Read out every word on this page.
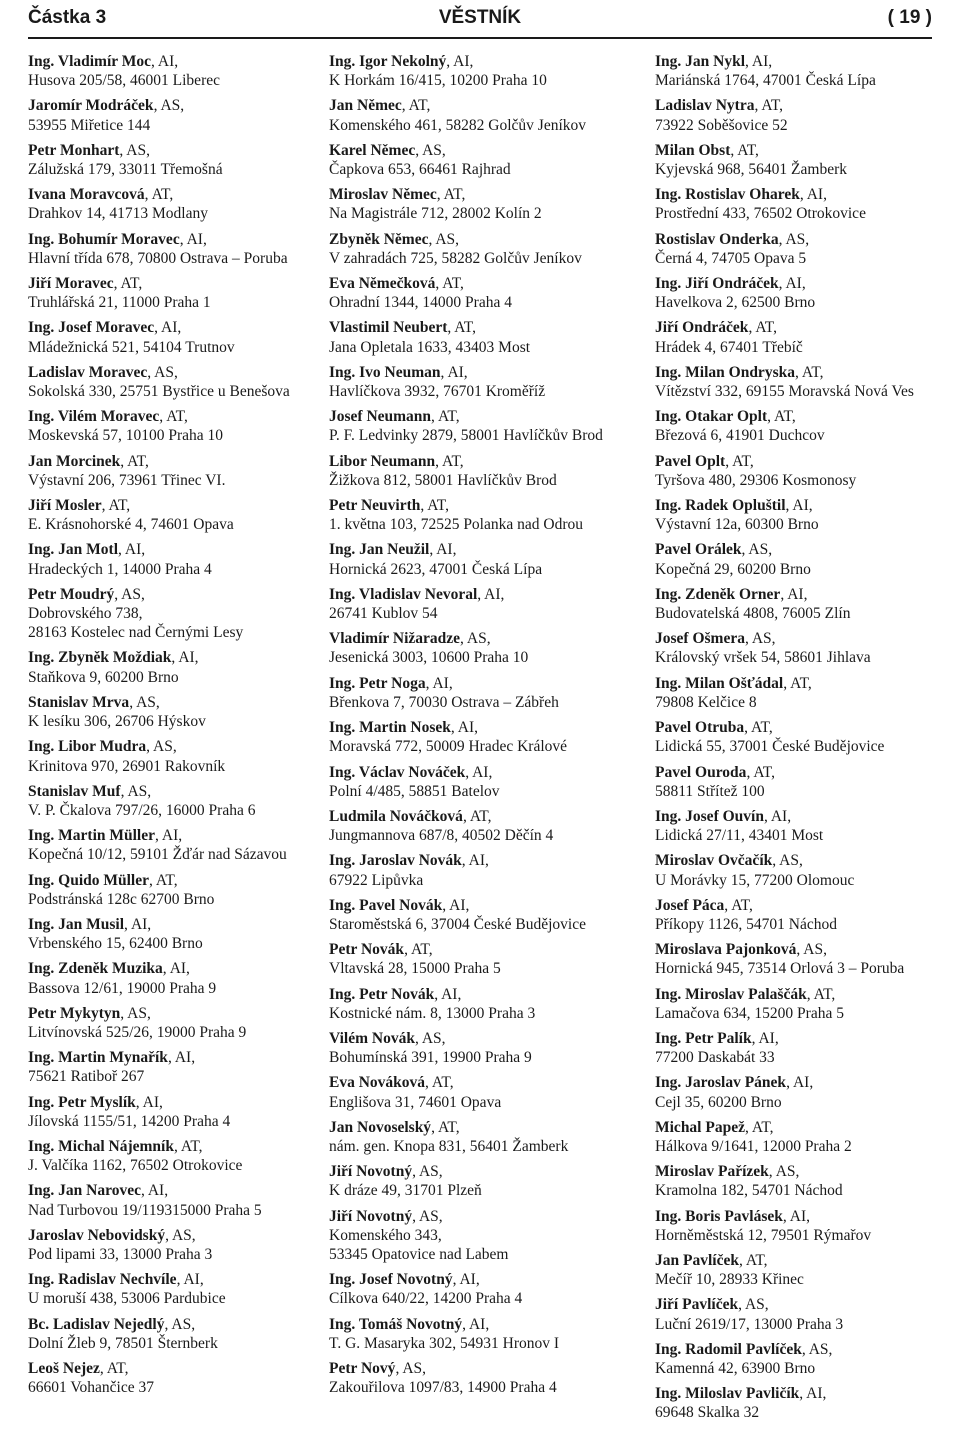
Částka 3	VĚSTNÍK	( 19 )
Ing. Vladimír Moc, AI,
Husova 205/58, 46001 Liberec
Jaromír Modráček, AS,
53955 Miřetice 144
Petr Monhart, AS,
Zálužská 179, 33011 Třemošná
Ivana Moravcová, AT,
Drahkov 14, 41713 Modlany
Ing. Bohumír Moravec, AI,
Hlavní třída 678, 70800 Ostrava – Poruba
Jiří Moravec, AT,
Truhlářská 21, 11000 Praha 1
Ing. Josef Moravec, AI,
Mládežnická 521, 54104 Trutnov
Ladislav Moravec, AS,
Sokolská 330, 25751 Bystřice u Benešova
Ing. Vilém Moravec, AT,
Moskevská 57, 10100 Praha 10
Jan Morcinek, AT,
Výstavní 206, 73961 Třinec VI.
Jiří Mosler, AT,
E. Krásnohorské 4, 74601 Opava
Ing. Jan Motl, AI,
Hradeckých 1, 14000 Praha 4
Petr Moudrý, AS,
Dobrovského 738,
28163 Kostelec nad Černými Lesy
Ing. Zbyněk Moždiak, AI,
Staňkova 9, 60200 Brno
Stanislav Mrva, AS,
K lesíku 306, 26706 Hýskov
Ing. Libor Mudra, AS,
Krinitova 970, 26901 Rakovník
Stanislav Muf, AS,
V. P. Čkalova 797/26, 16000 Praha 6
Ing. Martin Müller, AI,
Kopečná 10/12, 59101 Žďár nad Sázavou
Ing. Quido Müller, AT,
Podstránská 128c 62700 Brno
Ing. Jan Musil, AI,
Vrbenského 15, 62400 Brno
Ing. Zdeněk Muzika, AI,
Bassova 12/61, 19000 Praha 9
Petr Mykytyn, AS,
Litvínovská 525/26, 19000 Praha 9
Ing. Martin Mynařík, AI,
75621 Ratiboř 267
Ing. Petr Myslík, AI,
Jílovská 1155/51, 14200 Praha 4
Ing. Michal Nájemník, AT,
J. Valčíka 1162, 76502 Otrokovice
Ing. Jan Narovec, AI,
Nad Turbovou 19/119315000 Praha 5
Jaroslav Nebovidský, AS,
Pod lipami 33, 13000 Praha 3
Ing. Radislav Nechvíle, AI,
U moruší 438, 53006 Pardubice
Bc. Ladislav Nejedlý, AS,
Dolní Žleb 9, 78501 Šternberk
Leoš Nejez, AT,
66601 Vohančice 37
Ing. Igor Nekolný, AI,
K Horkám 16/415, 10200 Praha 10
Jan Němec, AT,
Komenského 461, 58282 Golčův Jeníkov
Karel Němec, AS,
Čapkova 653, 66461 Rajhrad
Miroslav Němec, AT,
Na Magistrále 712, 28002 Kolín 2
Zbyněk Němec, AS,
V zahradách 725, 58282 Golčův Jeníkov
Eva Němečková, AT,
Ohradní 1344, 14000 Praha 4
Vlastimil Neubert, AT,
Jana Opletala 1633, 43403 Most
Ing. Ivo Neuman, AI,
Havlíčkova 3932, 76701 Kroměříž
Josef Neumann, AT,
P. F. Ledvinky 2879, 58001 Havlíčkův Brod
Libor Neumann, AT,
Žižkova 812, 58001 Havlíčkův Brod
Petr Neuvirth, AT,
1. května 103, 72525 Polanka nad Odrou
Ing. Jan Neužil, AI,
Hornická 2623, 47001 Česká Lípa
Ing. Vladislav Nevoral, AI,
26741 Kublov 54
Vladimír Nižaradze, AS,
Jesenická 3003, 10600 Praha 10
Ing. Petr Noga, AI,
Břenkova 7, 70030 Ostrava – Zábřeh
Ing. Martin Nosek, AI,
Moravská 772, 50009 Hradec Králové
Ing. Václav Nováček, AI,
Polní 4/485, 58851 Batelov
Ludmila Nováčková, AT,
Jungmannova 687/8, 40502 Děčín 4
Ing. Jaroslav Novák, AI,
67922 Lipůvka
Ing. Pavel Novák, AI,
Staroměstská 6, 37004 České Budějovice
Petr Novák, AT,
Vltavská 28, 15000 Praha 5
Ing. Petr Novák, AI,
Kostnické nám. 8, 13000 Praha 3
Vilém Novák, AS,
Bohumínská 391, 19900 Praha 9
Eva Nováková, AT,
Englišova 31, 74601 Opava
Jan Novoselský, AT,
nám. gen. Knopa 831, 56401 Žamberk
Jiří Novotný, AS,
K dráze 49, 31701 Plzeň
Jiří Novotný, AS,
Komenského 343,
53345 Opatovice nad Labem
Ing. Josef Novotný, AI,
Cílkova 640/22, 14200 Praha 4
Ing. Tomáš Novotný, AI,
T. G. Masaryka 302, 54931 Hronov I
Petr Nový, AS,
Zakouřilova 1097/83, 14900 Praha 4
Ing. Jan Nykl, AI,
Mariánská 1764, 47001 Česká Lípa
Ladislav Nytra, AT,
73922 Soběšovice 52
Milan Obst, AT,
Kyjevská 968, 56401 Žamberk
Ing. Rostislav Oharek, AI,
Prostřední 433, 76502 Otrokovice
Rostislav Onderka, AS,
Černá 4, 74705 Opava 5
Ing. Jiří Ondráček, AI,
Havelkova 2, 62500 Brno
Jiří Ondráček, AT,
Hrádek 4, 67401 Třebíč
Ing. Milan Ondryska, AT,
Vítězství 332, 69155 Moravská Nová Ves
Ing. Otakar Oplt, AT,
Březová 6, 41901 Duchcov
Pavel Oplt, AT,
Tyršova 480, 29306 Kosmonosy
Ing. Radek Opluštil, AI,
Výstavní 12a, 60300 Brno
Pavel Orálek, AS,
Kopečná 29, 60200 Brno
Ing. Zdeněk Orner, AI,
Budovatelská 4808, 76005 Zlín
Josef Ošmera, AS,
Královský vršek 54, 58601 Jihlava
Ing. Milan Ošťádal, AT,
79808 Kelčice 8
Pavel Otruba, AT,
Lidická 55, 37001 České Budějovice
Pavel Ouroda, AT,
58811 Střítež 100
Ing. Josef Ouvín, AI,
Lidická 27/11, 43401 Most
Miroslav Ovčačík, AS,
U Morávky 15, 77200 Olomouc
Josef Páca, AT,
Příkopy 1126, 54701 Náchod
Miroslava Pajonková, AS,
Hornická 945, 73514 Orlová 3 – Poruba
Ing. Miroslav Palaščák, AT,
Lamačova 634, 15200 Praha 5
Ing. Petr Palík, AI,
77200 Daskabát 33
Ing. Jaroslav Pánek, AI,
Cejl 35, 60200 Brno
Michal Papež, AT,
Hálkova 9/1641, 12000 Praha 2
Miroslav Pařízek, AS,
Kramolna 182, 54701 Náchod
Ing. Boris Pavlásek, AI,
Horněměstská 12, 79501 Rýmařov
Jan Pavlíček, AT,
Mečíř 10, 28933 Křinec
Jiří Pavlíček, AS,
Luční 2619/17, 13000 Praha 3
Ing. Radomil Pavlíček, AS,
Kamenná 42, 63900 Brno
Ing. Miloslav Pavličík, AI,
69648 Skalka 32
